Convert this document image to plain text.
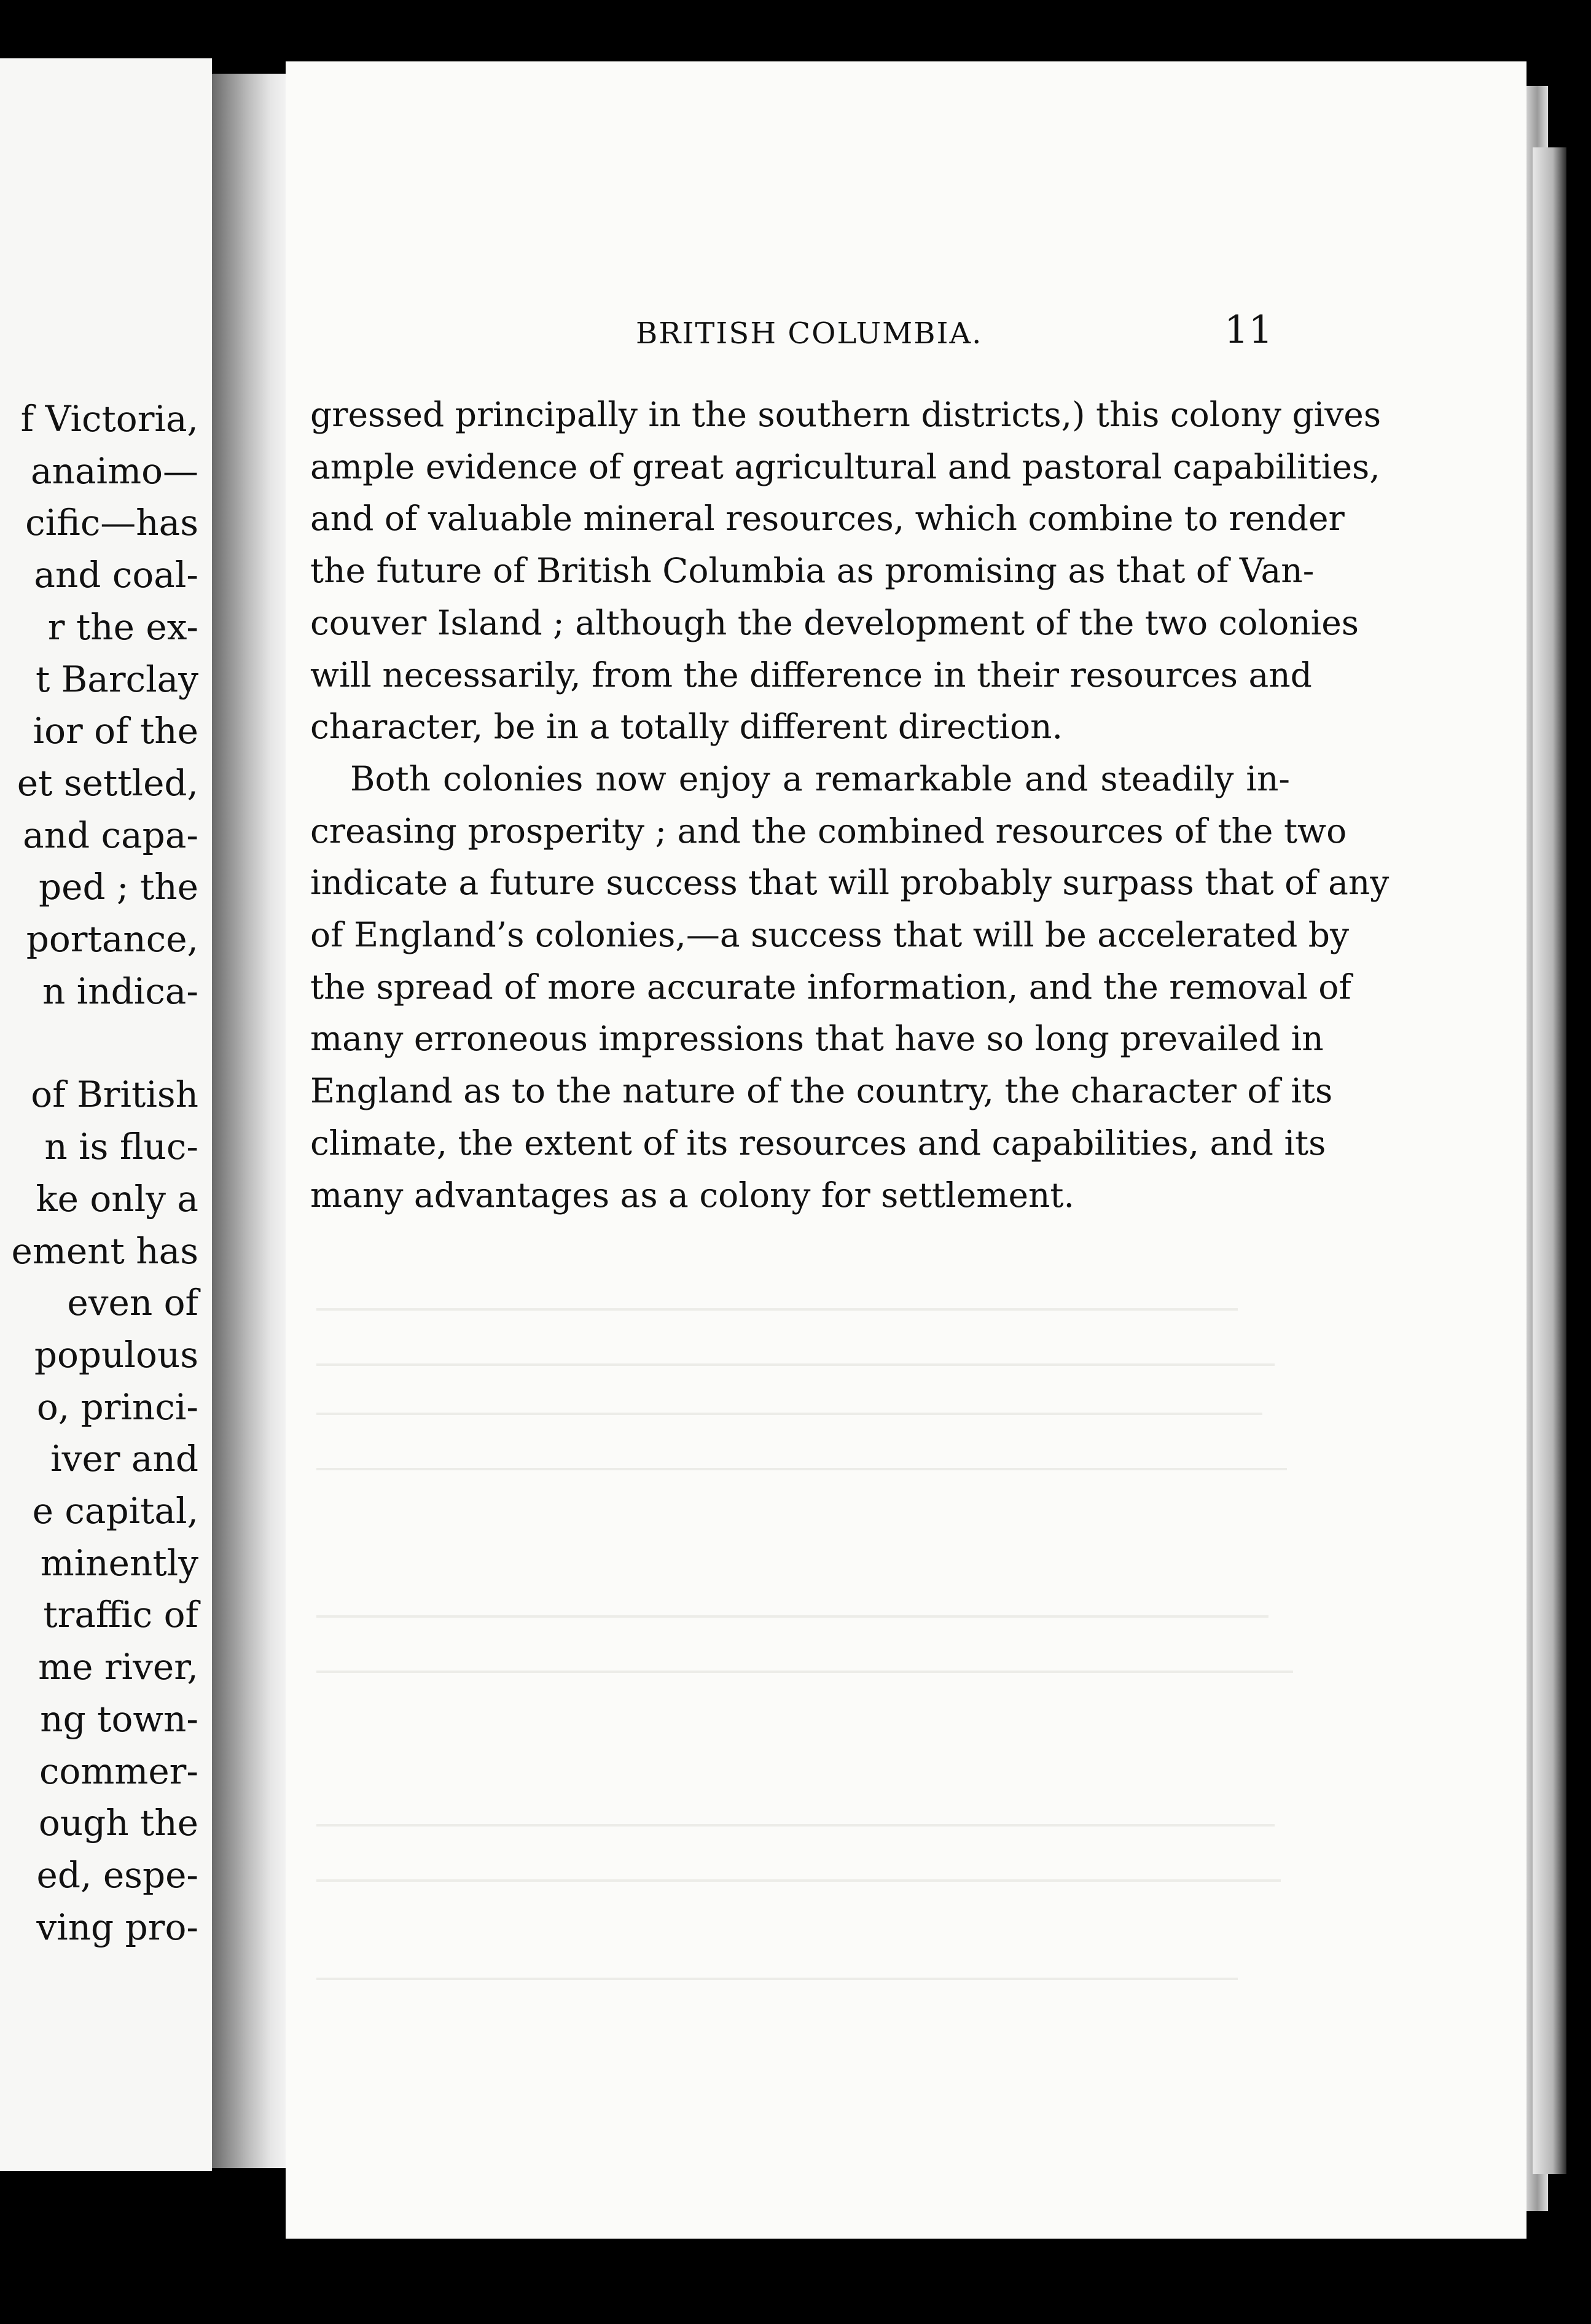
f Victoria,
anaimo—
cific—has
and coal-
r the ex-
t Barclay
ior of the
et settled,
and capa-
ped ; the
portance,
n indica-
of British
n is fluc-
ke only a
ement has
even of
populous
o, princi-
iver and
e capital,
minently
traffic of
me river,
ng town-
commer-
ough the
ed, espe-
ving pro-
BRITISH COLUMBIA.	11
gressed principally in the southern districts,) this colony gives
ample evidence of great agricultural and pastoral capabilities,
and of valuable mineral resources, which combine to render
the future of British Columbia as promising as that of Van-
couver Island ; although the development of the two colonies
will necessarily, from the difference in their resources and
character, be in a totally different direction.
Both colonies now enjoy a remarkable and steadily in-
creasing prosperity ; and the combined resources of the two
indicate a future success that will probably surpass that of any
of England’s colonies,—a success that will be accelerated by
the spread of more accurate information, and the removal of
many erroneous impressions that have so long prevailed in
England as to the nature of the country, the character of its
climate, the extent of its resources and capabilities, and its
many advantages as a colony for settlement.
